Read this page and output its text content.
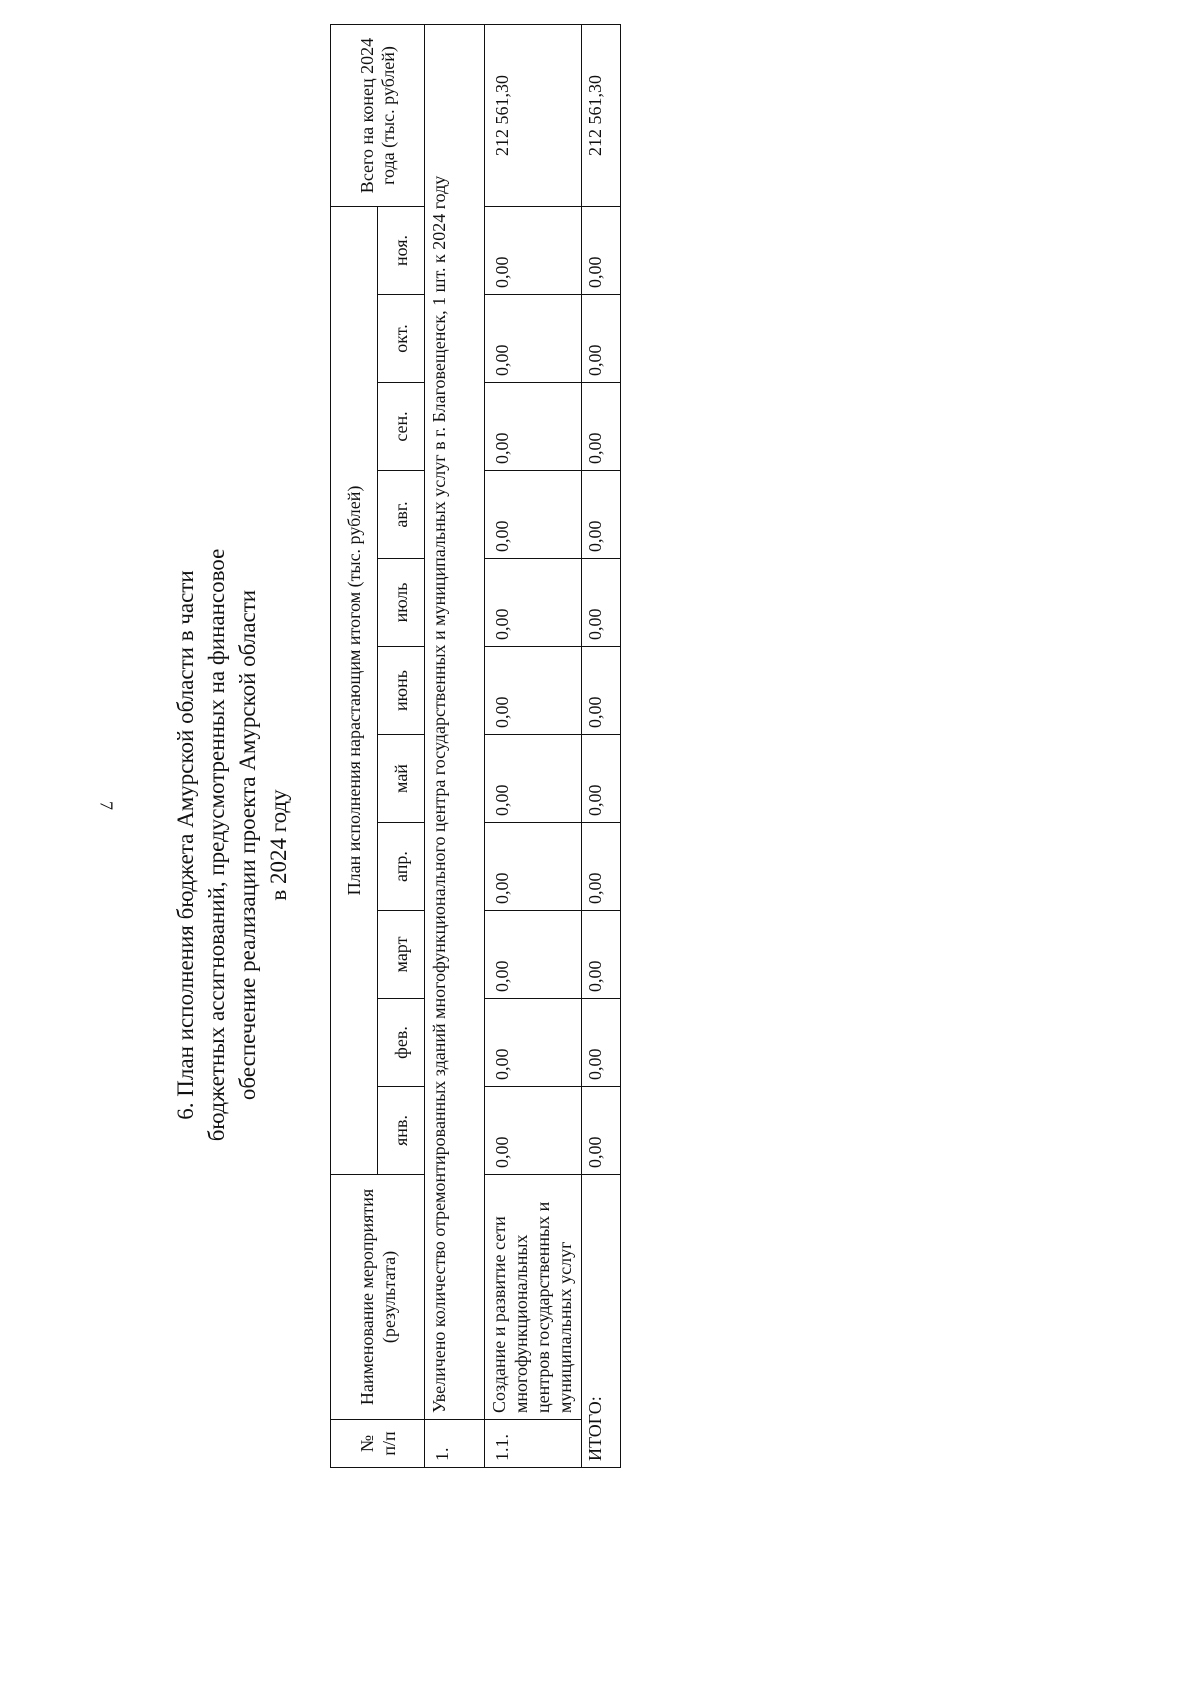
7 6. План исполнения бюджета Амурской области в части бюджетных ассигнований, предусмотренных на финансовое обеспечение реализации проекта Амурской области в 2024 году
№ п/п	Наименование мероприятия (результата)	План исполнения нарастающим итогом (тыс. рублей)											Всего на конец 2024 года (тыс. рублей)
		янв.	фев.	март	апр.	май	июнь	июль	авг.	сен.	окт.	ноя.	
1.	Увеличено количество отремонтированных зданий многофункционального центра государственных и муниципальных услуг в г. Благовещенск, 1 шт. к 2024 году												
1.1.	Создание и развитие сети многофункциональных центров государственных и муниципальных услуг	0,00	0,00	0,00	0,00	0,00	0,00	0,00	0,00	0,00	0,00	0,00	212 561,30
ИТОГО:		0,00	0,00	0,00	0,00	0,00	0,00	0,00	0,00	0,00	0,00	0,00	212 561,30
